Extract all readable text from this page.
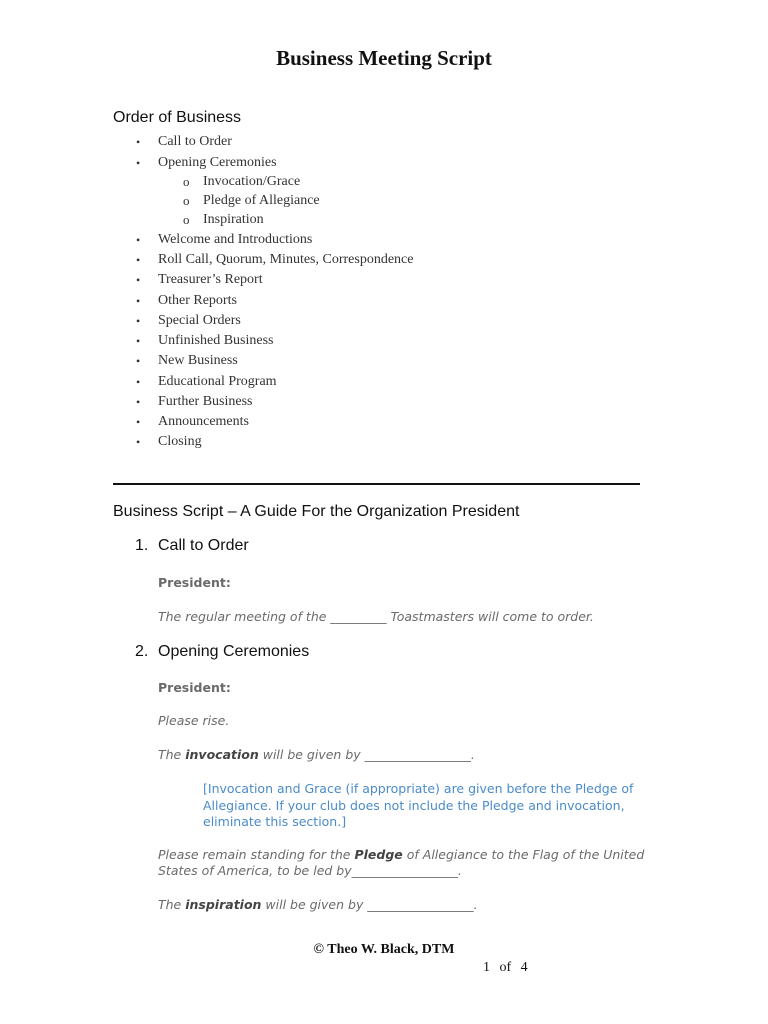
Business Meeting Script
Order of Business
• Call to Order
• Opening Ceremonies
o Invocation/Grace
o Pledge of Allegiance
o Inspiration
• Welcome and Introductions
• Roll Call, Quorum, Minutes, Correspondence
• Treasurer’s Report
• Other Reports
• Special Orders
• Unfinished Business
• New Business
• Educational Program
• Further Business
• Announcements
• Closing
Business Script – A Guide For the Organization President
1. Call to Order
President:
The regular meeting of the _________ Toastmasters will come to order.
2. Opening Ceremonies
President:
Please rise.
The invocation will be given by _________________.
[Invocation and Grace (if appropriate) are given before the Pledge of Allegiance. If your club does not include the Pledge and invocation, eliminate this section.]
Please remain standing for the Pledge of Allegiance to the Flag of the United States of America, to be led by_________________.
The inspiration will be given by _________________.
© Theo W. Black, DTM
1 of 4
